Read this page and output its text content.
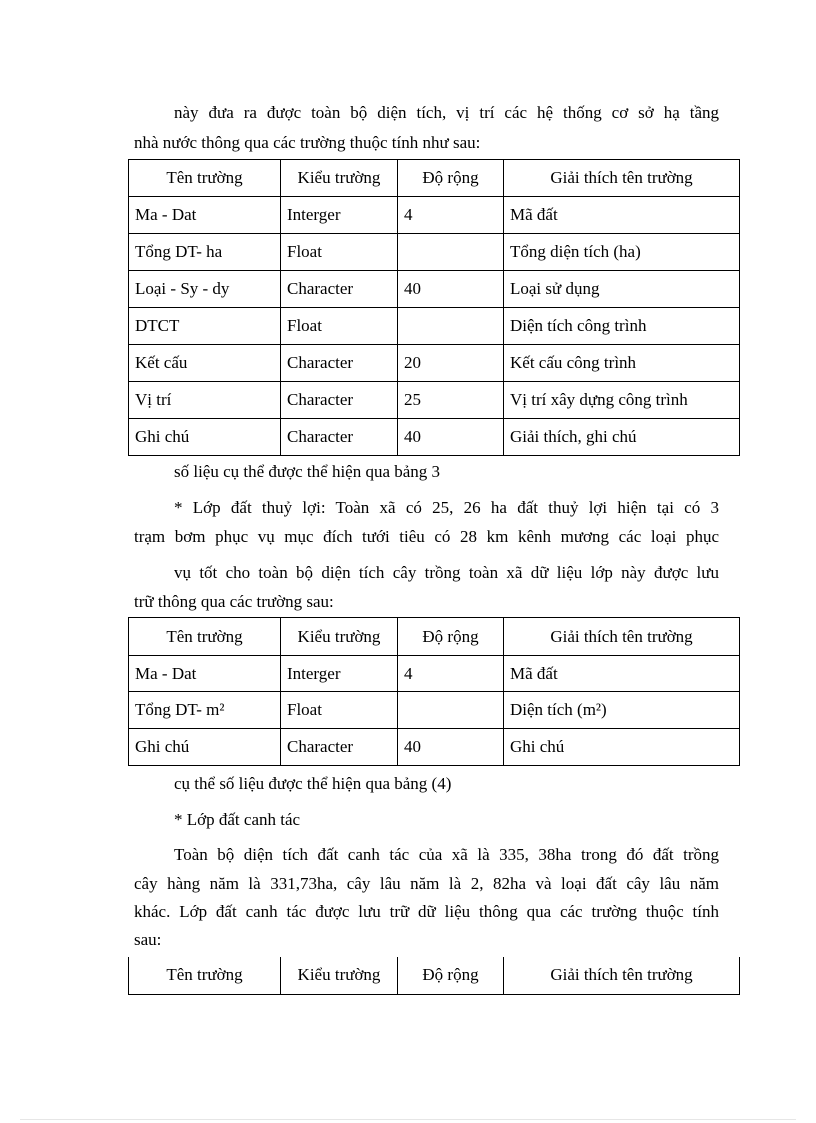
này đưa ra được toàn bộ diện tích, vị trí các hệ thống cơ sở hạ tầng
nhà nước thông qua các trường thuộc tính như sau:
Tên trường	Kiểu trường	Độ rộng	Giải thích tên trường
Ma - Dat	Interger	4	Mã đất
Tổng DT- ha	Float		Tổng diện tích (ha)
Loại - Sy - dy	Character	40	Loại sử dụng
DTCT	Float		Diện tích công trình
Kết cấu	Character	20	Kết cấu công trình
Vị trí	Character	25	Vị trí xây dựng công trình
Ghi chú	Character	40	Giải thích, ghi chú
số liệu cụ thể được thể hiện qua bảng 3
* Lớp đất thuỷ lợi: Toàn xã có 25, 26 ha đất thuỷ lợi hiện tại có 3
trạm bơm phục vụ mục đích tưới tiêu có 28 km kênh mương các loại phục
vụ tốt cho toàn bộ diện tích cây trồng toàn xã dữ liệu lớp này được lưu
trữ thông qua các trường sau:
Tên trường	Kiểu trường	Độ rộng	Giải thích tên trường
Ma - Dat	Interger	4	Mã đất
Tổng DT- m²	Float		Diện tích (m²)
Ghi chú	Character	40	Ghi chú
cụ thể số liệu được thể hiện qua bảng (4)
* Lớp đất canh tác
Toàn bộ diện tích đất canh tác của xã là 335, 38ha trong đó đất trồng
cây hàng năm là 331,73ha, cây lâu năm là 2, 82ha và loại đất cây lâu năm
khác. Lớp đất canh tác được lưu trữ dữ liệu thông qua các trường thuộc tính
sau:
Tên trường	Kiểu trường	Độ rộng	Giải thích tên trường
